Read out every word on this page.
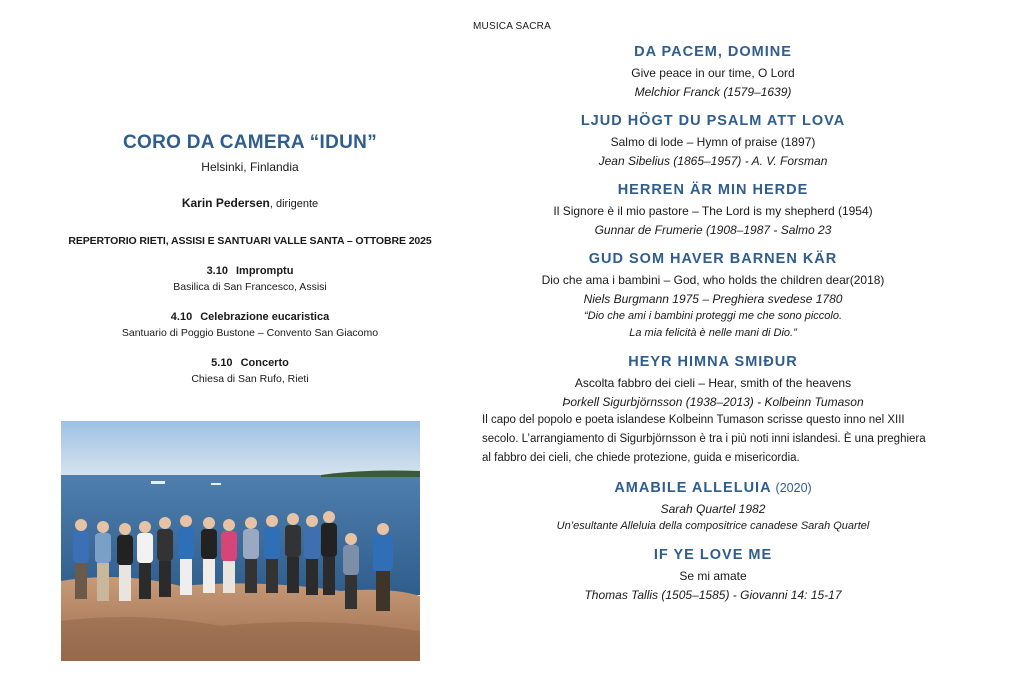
MUSICA SACRA
CORO DA CAMERA “IDUN”
Helsinki, Finlandia
Karin Pedersen, dirigente
REPERTORIO RIETI, ASSISI E SANTUARI VALLE SANTA – OTTOBRE 2025
3.10 Impromptu
Basilica di San Francesco, Assisi
4.10 Celebrazione eucaristica
Santuario di Poggio Bustone – Convento San Giacomo
5.10 Concerto
Chiesa di San Rufo, Rieti
DA PACEM, DOMINE
Give peace in our time, O Lord
Melchior Franck (1579–1639)
LJUD HÖGT DU PSALM ATT LOVA
Salmo di lode – Hymn of praise (1897)
Jean Sibelius (1865–1957) - A. V. Forsman
HERREN ÄR MIN HERDE
Il Signore è il mio pastore – The Lord is my shepherd (1954)
Gunnar de Frumerie (1908–1987 - Salmo 23
GUD SOM HAVER BARNEN KÄR
Dio che ama i bambini – God, who holds the children dear(2018)
Niels Burgmann 1975 – Preghiera svedese 1780
“Dio che ami i bambini proteggi me che sono piccolo.
La mia felicità è nelle mani di Dio.”
HEYR HIMNA SMIÐUR
Ascolta fabbro dei cieli – Hear, smith of the heavens
Þorkell Sigurbjörnsson (1938–2013) - Kolbeinn Tumason
Il capo del popolo e poeta islandese Kolbeinn Tumason scrisse questo inno nel XIII
secolo. L’arrangiamento di Sigurbjörnsson è tra i più noti inni islandesi. È una preghiera
al fabbro dei cieli, che chiede protezione, guida e misericordia.
AMABILE ALLELUIA (2020)
Sarah Quartel 1982
Un’esultante Alleluia della compositrice canadese Sarah Quartel
IF YE LOVE ME
Se mi amate
Thomas Tallis (1505–1585) - Giovanni 14: 15-17
